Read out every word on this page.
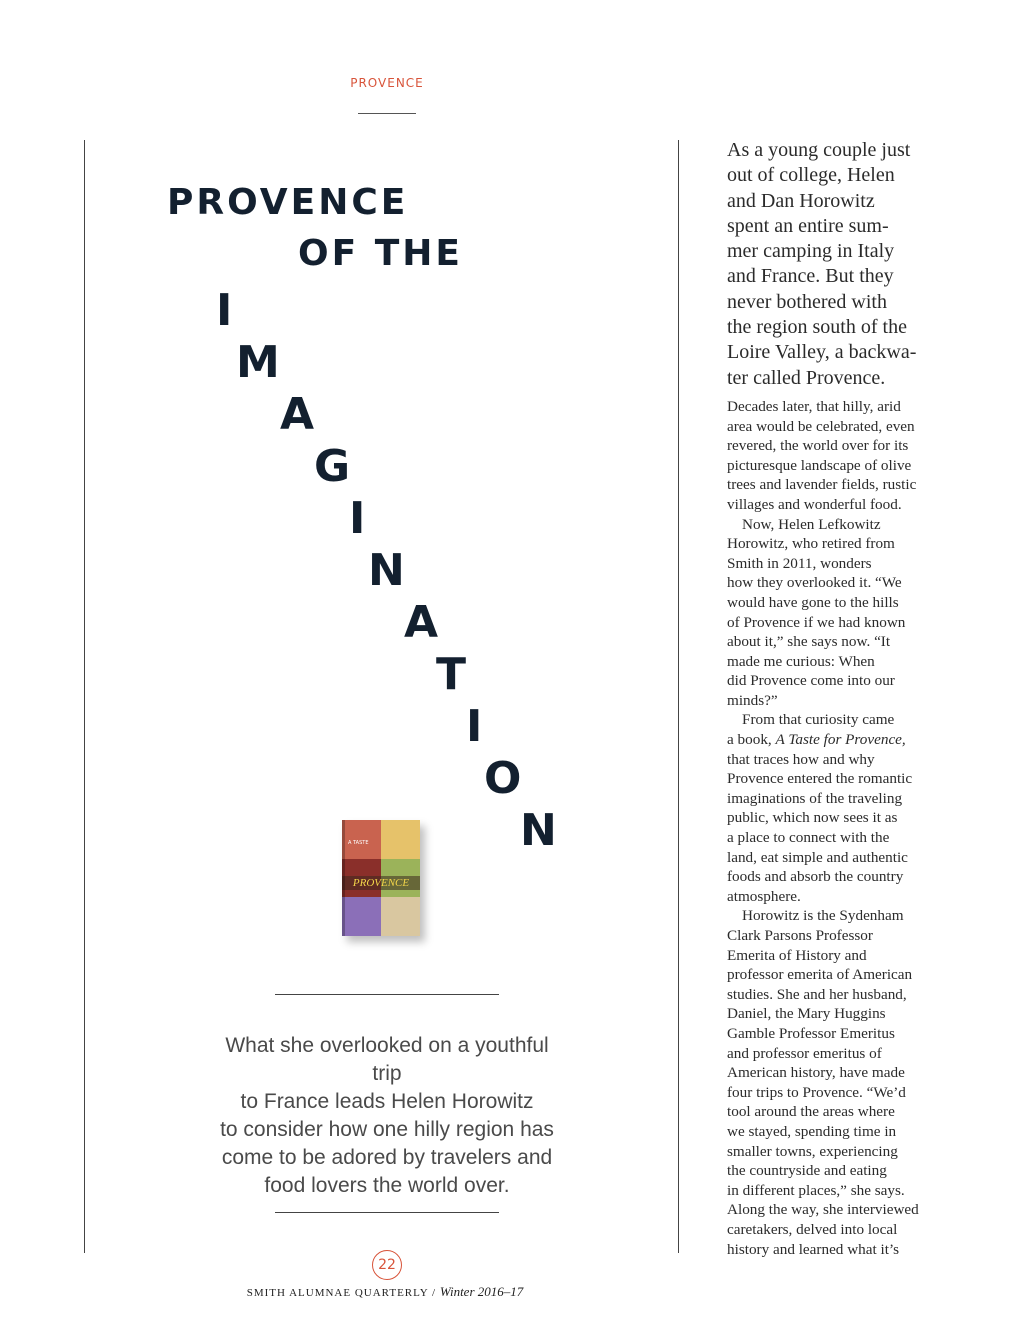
PROVENCE
PROVENCE
OF THE
I
M
A
G
I
N
A
T
I
O
N
PROVENCE
A TASTE
What she overlooked on a youthful trip
to France leads Helen Horowitz
to consider how one hilly region has
come to be adored by travelers and
food lovers the world over.
22
SMITH ALUMNAE QUARTERLY / Winter 2016–17
As a young couple just
out of college, Helen
and Dan Horowitz
spent an entire sum-
mer camping in Italy
and France. But they
never bothered with
the region south of the
Loire Valley, a backwa-
ter called Provence.
Decades later, that hilly, arid
area would be celebrated, even
revered, the world over for its
picturesque landscape of olive
trees and lavender fields, rustic
villages and wonderful food.
Now, Helen Lefkowitz
Horowitz, who retired from
Smith in 2011, wonders
how they overlooked it. “We
would have gone to the hills
of Provence if we had known
about it,” she says now. “It
made me curious: When
did Provence come into our
minds?”
From that curiosity came
a book, A Taste for Provence,
that traces how and why
Provence entered the romantic
imaginations of the traveling
public, which now sees it as
a place to connect with the
land, eat simple and authentic
foods and absorb the country
atmosphere.
Horowitz is the Sydenham
Clark Parsons Professor
Emerita of History and
professor emerita of American
studies. She and her husband,
Daniel, the Mary Huggins
Gamble Professor Emeritus
and professor emeritus of
American history, have made
four trips to Provence. “We’d
tool around the areas where
we stayed, spending time in
smaller towns, experiencing
the countryside and eating
in different places,” she says.
Along the way, she interviewed
caretakers, delved into local
history and learned what it’s
